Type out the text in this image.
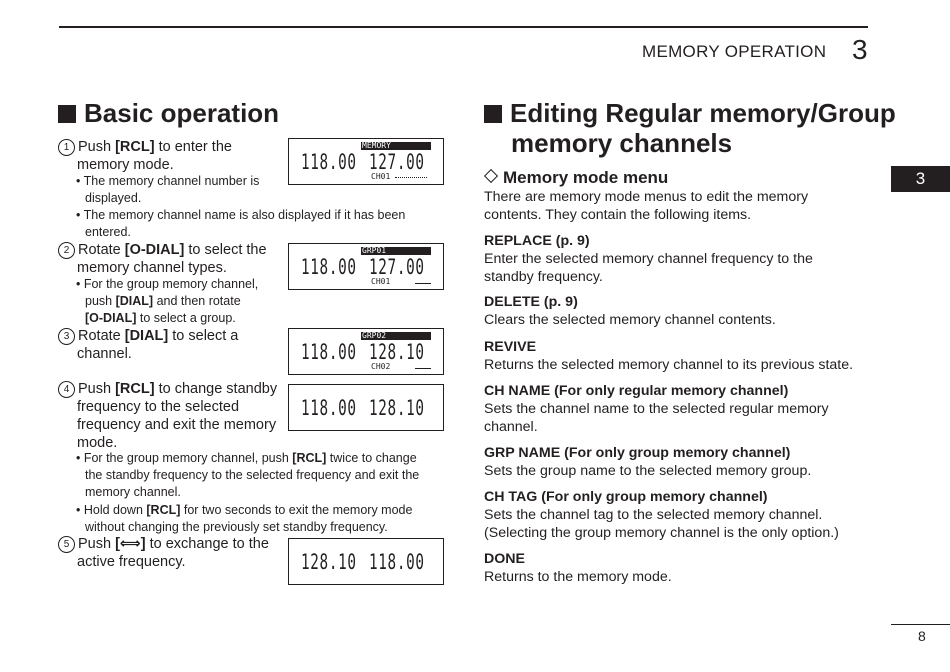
MEMORY OPERATION 3
3
8
Basic operation
1 Push [RCL] to enter the
memory mode.
• The memory channel number is
displayed.
• The memory channel name is also displayed if it has been
entered.
2 Rotate [O-DIAL] to select the
memory channel types.
• For the group memory channel,
push [DIAL] and then rotate
[O-DIAL] to select a group.
3 Rotate [DIAL] to select a
channel.
4 Push [RCL] to change standby
frequency to the selected
frequency and exit the memory
mode.
• For the group memory channel, push [RCL] twice to change
the standby frequency to the selected frequency and exit the
memory channel.
• Hold down [RCL] for two seconds to exit the memory mode
without changing the previously set standby frequency.
5 Push [⟺] to exchange to the
active frequency.
MEMORY
118.00 127.00
CH01
GRP01
118.00 127.00
CH01
GRP02
118.00 128.10
CH02
118.00 128.10
128.10 118.00
Editing Regular memory/Group
memory channels
Memory mode menu
There are memory mode menus to edit the memory
contents. They contain the following items.
REPLACE (p. 9)
Enter the selected memory channel frequency to the
standby frequency.
DELETE (p. 9)
Clears the selected memory channel contents.
REVIVE
Returns the selected memory channel to its previous state.
CH NAME (For only regular memory channel)
Sets the channel name to the selected regular memory
channel.
GRP NAME (For only group memory channel)
Sets the group name to the selected memory group.
CH TAG (For only group memory channel)
Sets the channel tag to the selected memory channel.
(Selecting the group memory channel is the only option.)
DONE
Returns to the memory mode.
